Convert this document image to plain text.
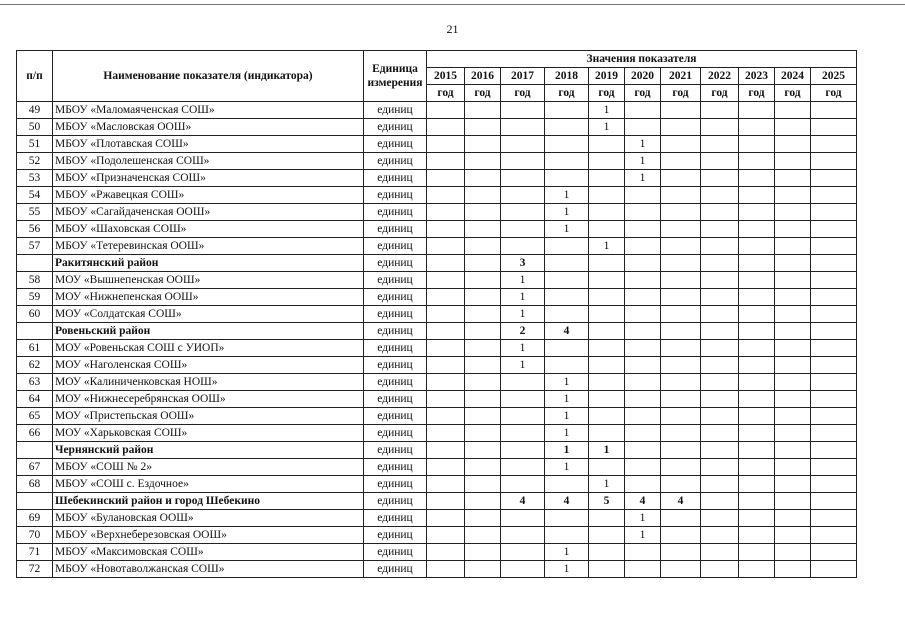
21
п/п	Наименование показателя (индикатора)	Единица измерения	Значения показателя										
			2015	2016	2017	2018	2019	2020	2021	2022	2023	2024	2025
			год	год	год	год	год	год	год	год	год	год	год
49	МБОУ «Маломаяченская СОШ»	единиц					1						
50	МБОУ «Масловская ООШ»	единиц					1						
51	МБОУ «Плотавская СОШ»	единиц						1					
52	МБОУ «Подолешенская СОШ»	единиц						1					
53	МБОУ «Призначенская СОШ»	единиц						1					
54	МБОУ «Ржавецкая СОШ»	единиц				1							
55	МБОУ «Сагайдаченская ООШ»	единиц				1							
56	МБОУ «Шаховская СОШ»	единиц				1							
57	МБОУ «Тетеревинская ООШ»	единиц					1						
	Ракитянский район	единиц			3								
58	МОУ «Вышнепенская ООШ»	единиц			1								
59	МОУ «Нижнепенская ООШ»	единиц			1								
60	МОУ «Солдатская СОШ»	единиц			1								
	Ровеньский район	единиц			2	4							
61	МОУ «Ровеньская СОШ с УИОП»	единиц			1								
62	МОУ «Наголенская СОШ»	единиц			1								
63	МОУ «Калиниченковская НОШ»	единиц				1							
64	МОУ «Нижнесеребрянская ООШ»	единиц				1							
65	МОУ «Пристепьская ООШ»	единиц				1							
66	МОУ «Харьковская СОШ»	единиц				1							
	Чернянский район	единиц				1	1						
67	МБОУ «СОШ № 2»	единиц				1							
68	МБОУ «СОШ с. Ездочное»	единиц					1						
	Шебекинский район и город Шебекино	единиц			4	4	5	4	4				
69	МБОУ «Булановская ООШ»	единиц						1					
70	МБОУ «Верхнеберезовская ООШ»	единиц						1					
71	МБОУ «Максимовская СОШ»	единиц				1							
72	МБОУ «Новотаволжанская СОШ»	единиц				1							
